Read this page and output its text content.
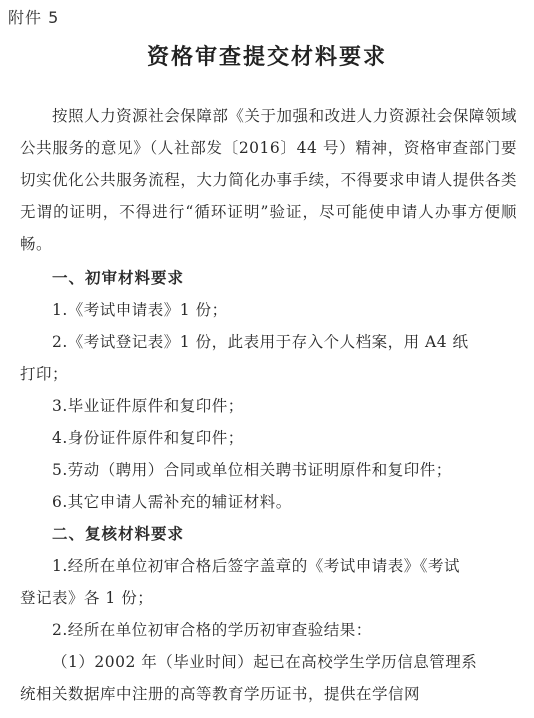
附件 5
资格审查提交材料要求
按照人力资源社会保障部《关于加强和改进人力资源社会保障领域公共服务的意见》（人社部发〔2016〕44 号）精神，资格审查部门要切实优化公共服务流程，大力简化办事手续，不得要求申请人提供各类无谓的证明，不得进行“循环证明”验证，尽可能使申请人办事方便顺畅。
一、初审材料要求
1.《考试申请表》1 份；
2.《考试登记表》1 份，此表用于存入个人档案，用 A4 纸
打印；
3.毕业证件原件和复印件；
4.身份证件原件和复印件；
5.劳动（聘用）合同或单位相关聘书证明原件和复印件；
6.其它申请人需补充的辅证材料。
二、复核材料要求
1.经所在单位初审合格后签字盖章的《考试申请表》《考试
登记表》各 1 份；
2.经所在单位初审合格的学历初审查验结果：
（1）2002 年（毕业时间）起已在高校学生学历信息管理系
统相关数据库中注册的高等教育学历证书，提供在学信网
